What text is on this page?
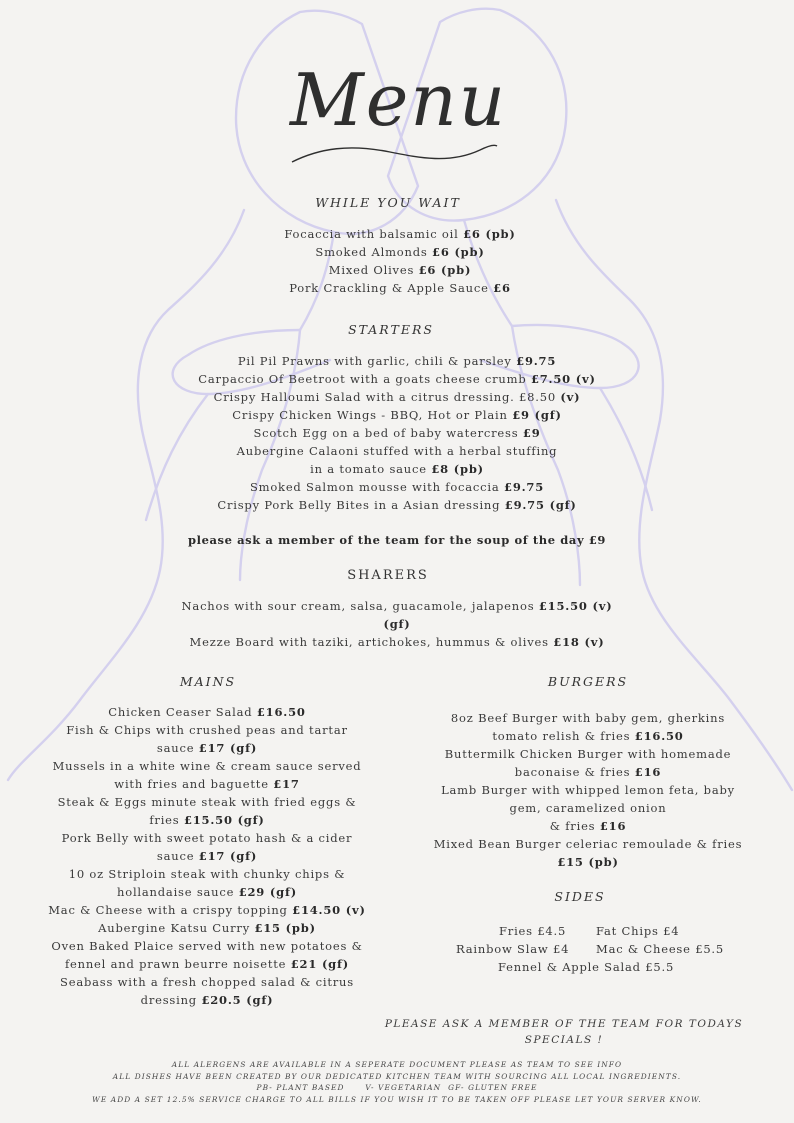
Menu
WHILE YOU WAIT
Focaccia with balsamic oil £6 (pb)
Smoked Almonds £6 (pb)
Mixed Olives £6 (pb)
Pork Crackling & Apple Sauce £6
STARTERS
Pil Pil Prawns with garlic, chili & parsley £9.75
Carpaccio Of Beetroot with a goats cheese crumb £7.50 (v)
Crispy Halloumi Salad with a citrus dressing. £8.50 (v)
Crispy Chicken Wings - BBQ, Hot or Plain £9 (gf)
Scotch Egg on a bed of baby watercress £9
Aubergine Calaoni stuffed with a herbal stuffing
in a tomato sauce £8 (pb)
Smoked Salmon mousse with focaccia £9.75
Crispy Pork Belly Bites in a Asian dressing £9.75 (gf)
please ask a member of the team for the soup of the day £9
SHARERS
Nachos with sour cream, salsa, guacamole, jalapenos £15.50 (v)
(gf)
Mezze Board with taziki, artichokes, hummus & olives £18 (v)
MAINS
Chicken Ceaser Salad £16.50
Fish & Chips with crushed peas and tartar sauce £17 (gf)
Mussels in a white wine & cream sauce served with fries and baguette £17
Steak & Eggs minute steak with fried eggs & fries £15.50 (gf)
Pork Belly with sweet potato hash & a cider sauce £17 (gf)
10 oz Striploin steak with chunky chips & hollandaise sauce £29 (gf)
Mac & Cheese with a crispy topping £14.50 (v)
Aubergine Katsu Curry £15 (pb)
Oven Baked Plaice served with new potatoes & fennel and prawn beurre noisette £21 (gf)
Seabass with a fresh chopped salad & citrus dressing £20.5 (gf)
BURGERS
8oz Beef Burger with baby gem, gherkins tomato relish & fries £16.50
Buttermilk Chicken Burger with homemade baconaise & fries £16
Lamb Burger with whipped lemon feta, baby gem, caramelized onion
& fries £16
Mixed Bean Burger celeriac remoulade & fries £15 (pb)
SIDES
Fries £4.5	Fat Chips £4
Rainbow Slaw £4 Mac & Cheese £5.5
Fennel & Apple Salad £5.5
PLEASE ASK A MEMBER OF THE TEAM FOR TODAYS SPECIALS !
ALL ALERGENS ARE AVAILABLE IN A SEPERATE DOCUMENT PLEASE AS TEAM TO SEE INFO
ALL DISHES HAVE BEEN CREATED BY OUR DEDICATED KITCHEN TEAM WITH SOURCING ALL LOCAL INGREDIENTS.
PB- PLANT BASED      V- VEGETARIAN  GF- GLUTEN FREE
WE ADD A SET 12.5% SERVICE CHARGE TO ALL BILLS IF YOU WISH IT TO BE TAKEN OFF PLEASE LET YOUR SERVER KNOW.
